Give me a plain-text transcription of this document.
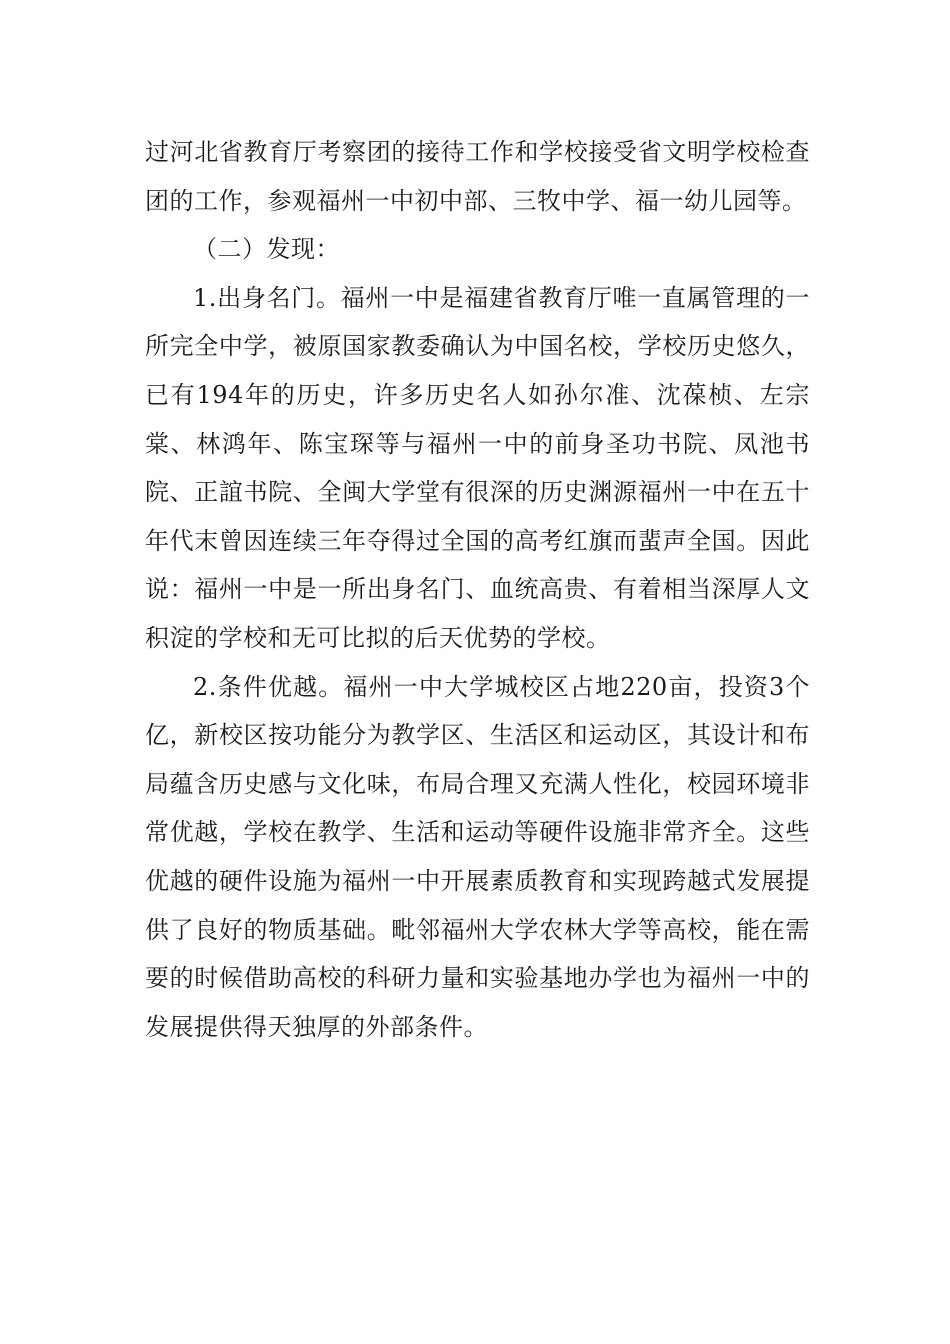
过河北省教育厅考察团的接待工作和学校接受省文明学校检查团的工作，参观福州一中初中部、三牧中学、福一幼儿园等。

（二）发现：

1.出身名门。福州一中是福建省教育厅唯一直属管理的一所完全中学，被原国家教委确认为中国名校，学校历史悠久，已有194年的历史，许多历史名人如孙尔准、沈葆桢、左宗棠、林鸿年、陈宝琛等与福州一中的前身圣功书院、凤池书院、正誼书院、全闽大学堂有很深的历史渊源福州一中在五十年代末曾因连续三年夺得过全国的高考红旗而蜚声全国。因此说：福州一中是一所出身名门、血统高贵、有着相当深厚人文积淀的学校和无可比拟的后天优势的学校。

2.条件优越。福州一中大学城校区占地220亩，投资3个亿，新校区按功能分为教学区、生活区和运动区，其设计和布局蕴含历史感与文化味，布局合理又充满人性化，校园环境非常优越，学校在教学、生活和运动等硬件设施非常齐全。这些优越的硬件设施为福州一中开展素质教育和实现跨越式发展提供了良好的物质基础。毗邻福州大学农林大学等高校，能在需要的时候借助高校的科研力量和实验基地办学也为福州一中的发展提供得天独厚的外部条件。
